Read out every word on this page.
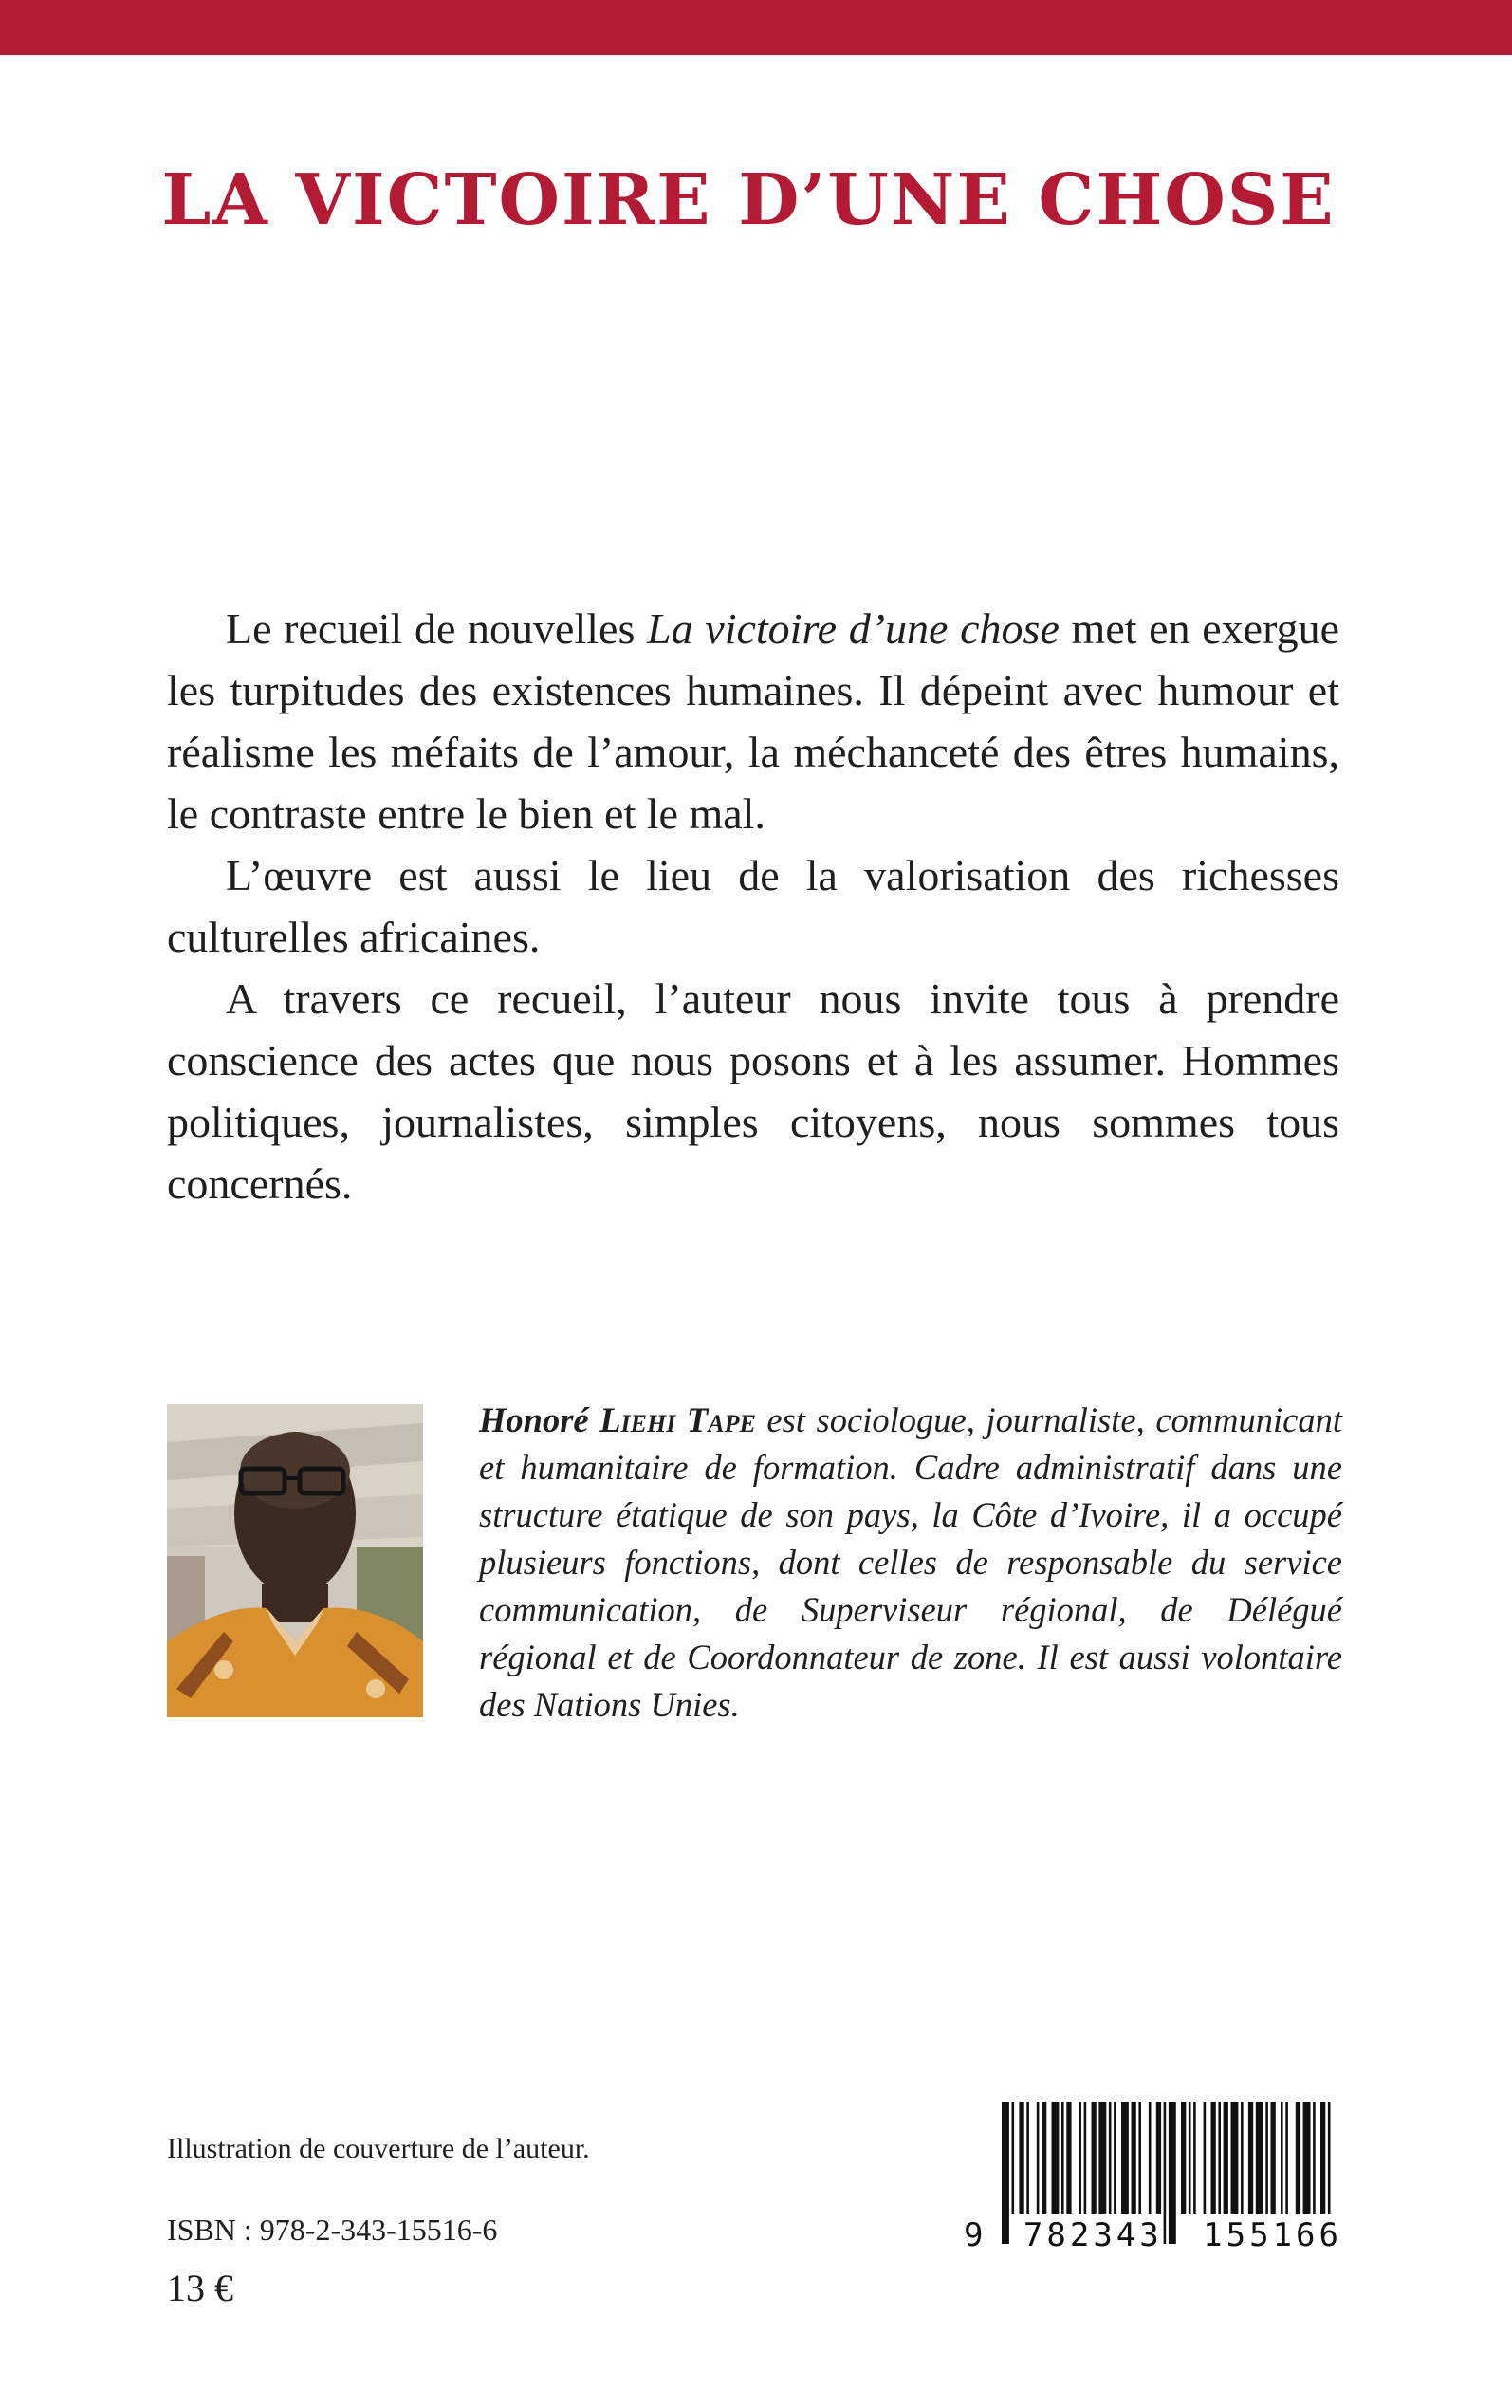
LA VICTOIRE D’UNE CHOSE

Le recueil de nouvelles La victoire d’une chose met en exergue les turpitudes des existences humaines. Il dépeint avec humour et réalisme les méfaits de l’amour, la méchanceté des êtres humains, le contraste entre le bien et le mal.

L’œuvre est aussi le lieu de la valorisation des richesses culturelles africaines.

A travers ce recueil, l’auteur nous invite tous à prendre conscience des actes que nous posons et à les assumer. Hommes politiques, journalistes, simples citoyens, nous sommes tous concernés.

Honoré Liehi Tape est sociologue, journaliste, communicant et humanitaire de formation. Cadre administratif dans une structure étatique de son pays, la Côte d’Ivoire, il a occupé plusieurs fonctions, dont celles de responsable du service communication, de Superviseur régional, de Délégué régional et de Coordonnateur de zone. Il est aussi volontaire des Nations Unies.
Illustration de couverture de l’auteur.
ISBN : 978-2-343-15516-6
13 €
9 782343 155166
